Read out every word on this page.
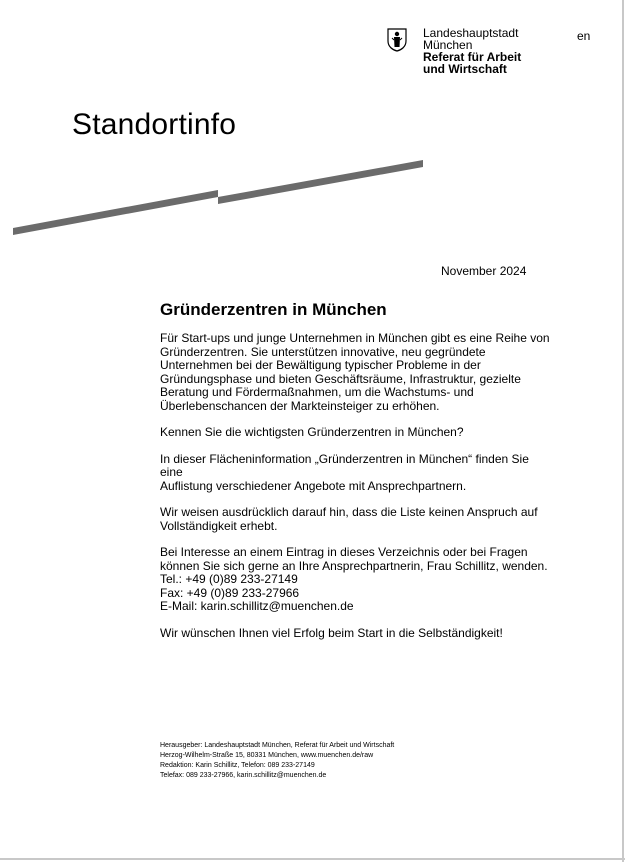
Landeshauptstadt
München
Referat für Arbeit
und Wirtschaft
en
Standortinfo
November 2024
Gründerzentren in München
Für Start-ups und junge Unternehmen in München gibt es eine Reihe von
Gründerzentren. Sie unterstützen innovative, neu gegründete
Unternehmen bei der Bewältigung typischer Probleme in der
Gründungsphase und bieten Geschäftsräume, Infrastruktur, gezielte
Beratung und Fördermaßnahmen, um die Wachstums- und
Überlebenschancen der Markteinsteiger zu erhöhen.
Kennen Sie die wichtigsten Gründerzentren in München?
In dieser Flächeninformation „Gründerzentren in München“ finden Sie eine
Auflistung verschiedener Angebote mit Ansprechpartnern.
Wir weisen ausdrücklich darauf hin, dass die Liste keinen Anspruch auf
Vollständigkeit erhebt.
Bei Interesse an einem Eintrag in dieses Verzeichnis oder bei Fragen
können Sie sich gerne an Ihre Ansprechpartnerin, Frau Schillitz, wenden.
Tel.: +49 (0)89 233-27149
Fax: +49 (0)89 233-27966
E-Mail: karin.schillitz@muenchen.de
Wir wünschen Ihnen viel Erfolg beim Start in die Selbständigkeit!
Herausgeber: Landeshauptstadt München, Referat für Arbeit und Wirtschaft
Herzog-Wilhelm-Straße 15, 80331 München, www.muenchen.de/raw
Redaktion: Karin Schillitz, Telefon: 089 233-27149
Telefax: 089 233-27966, karin.schillitz@muenchen.de
